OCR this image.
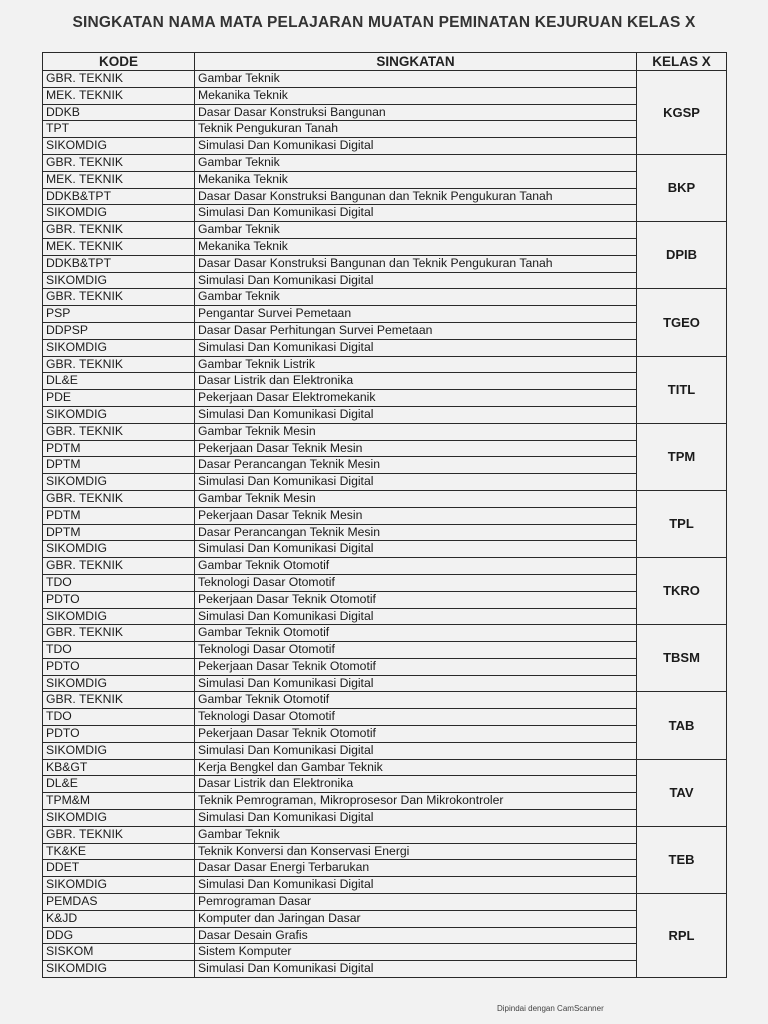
SINGKATAN NAMA MATA PELAJARAN MUATAN PEMINATAN KEJURUAN KELAS X
KODE	SINGKATAN	KELAS X
GBR. TEKNIK	Gambar Teknik	KGSP
MEK. TEKNIK	Mekanika Teknik	
DDKB	Dasar Dasar Konstruksi Bangunan	
TPT	Teknik Pengukuran Tanah	
SIKOMDIG	Simulasi Dan Komunikasi Digital	
GBR. TEKNIK	Gambar Teknik	BKP
MEK. TEKNIK	Mekanika Teknik	
DDKB&TPT	Dasar Dasar Konstruksi Bangunan dan Teknik Pengukuran Tanah	
SIKOMDIG	Simulasi Dan Komunikasi Digital	
GBR. TEKNIK	Gambar Teknik	DPIB
MEK. TEKNIK	Mekanika Teknik	
DDKB&TPT	Dasar Dasar Konstruksi Bangunan dan Teknik Pengukuran Tanah	
SIKOMDIG	Simulasi Dan Komunikasi Digital	
GBR. TEKNIK	Gambar Teknik	TGEO
PSP	Pengantar Survei Pemetaan	
DDPSP	Dasar Dasar Perhitungan Survei Pemetaan	
SIKOMDIG	Simulasi Dan Komunikasi Digital	
GBR. TEKNIK	Gambar Teknik Listrik	TITL
DL&E	Dasar Listrik dan Elektronika	
PDE	Pekerjaan Dasar Elektromekanik	
SIKOMDIG	Simulasi Dan Komunikasi Digital	
GBR. TEKNIK	Gambar Teknik Mesin	TPM
PDTM	Pekerjaan Dasar Teknik Mesin	
DPTM	Dasar Perancangan Teknik Mesin	
SIKOMDIG	Simulasi Dan Komunikasi Digital	
GBR. TEKNIK	Gambar Teknik Mesin	TPL
PDTM	Pekerjaan Dasar Teknik Mesin	
DPTM	Dasar Perancangan Teknik Mesin	
SIKOMDIG	Simulasi Dan Komunikasi Digital	
GBR. TEKNIK	Gambar Teknik Otomotif	TKRO
TDO	Teknologi Dasar Otomotif	
PDTO	Pekerjaan Dasar Teknik Otomotif	
SIKOMDIG	Simulasi Dan Komunikasi Digital	
GBR. TEKNIK	Gambar Teknik Otomotif	TBSM
TDO	Teknologi Dasar Otomotif	
PDTO	Pekerjaan Dasar Teknik Otomotif	
SIKOMDIG	Simulasi Dan Komunikasi Digital	
GBR. TEKNIK	Gambar Teknik Otomotif	TAB
TDO	Teknologi Dasar Otomotif	
PDTO	Pekerjaan Dasar Teknik Otomotif	
SIKOMDIG	Simulasi Dan Komunikasi Digital	
KB&GT	Kerja Bengkel dan Gambar Teknik	TAV
DL&E	Dasar Listrik dan Elektronika	
TPM&M	Teknik Pemrograman, Mikroprosesor Dan Mikrokontroler	
SIKOMDIG	Simulasi Dan Komunikasi Digital	
GBR. TEKNIK	Gambar Teknik	TEB
TK&KE	Teknik Konversi dan Konservasi Energi	
DDET	Dasar Dasar Energi Terbarukan	
SIKOMDIG	Simulasi Dan Komunikasi Digital	
PEMDAS	Pemrograman Dasar	RPL
K&JD	Komputer dan Jaringan Dasar	
DDG	Dasar Desain Grafis	
SISKOM	Sistem Komputer	
SIKOMDIG	Simulasi Dan Komunikasi Digital	
Dipindai dengan CamScanner
